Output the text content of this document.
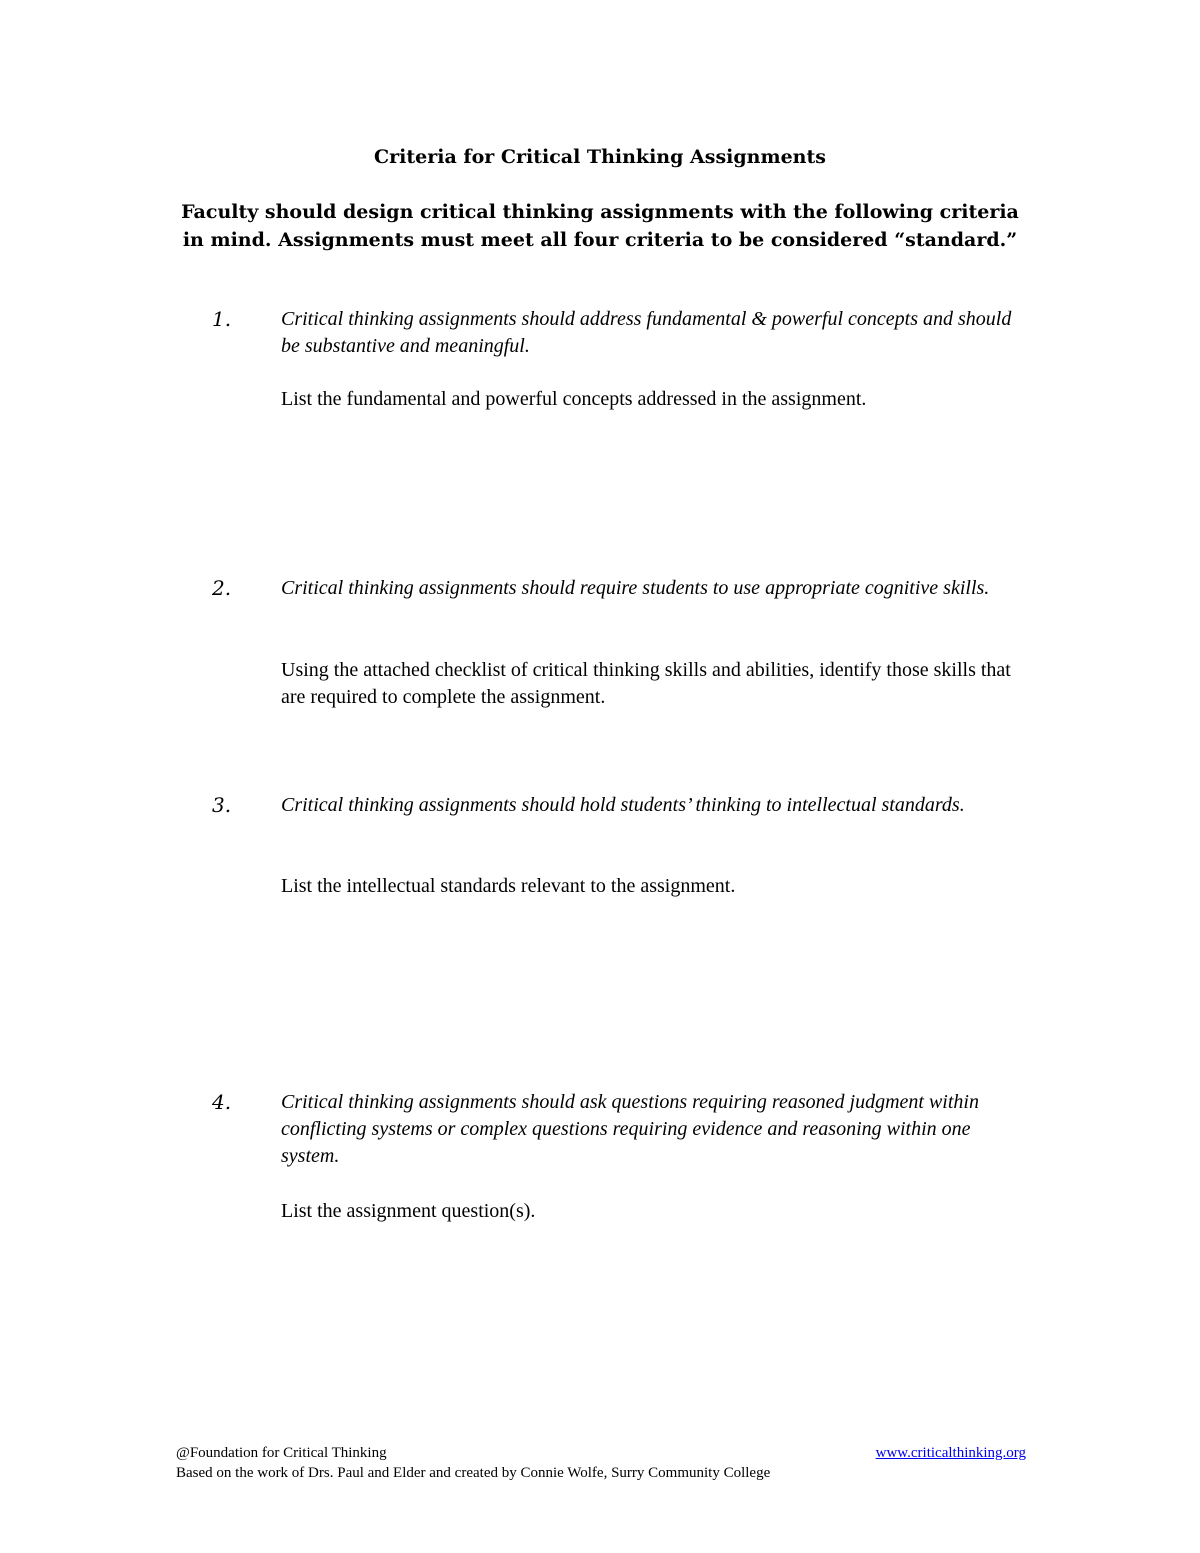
Criteria for Critical Thinking Assignments
Faculty should design critical thinking assignments with the following criteria in mind. Assignments must meet all four criteria to be considered “standard.”
1. Critical thinking assignments should address fundamental & powerful concepts and should be substantive and meaningful.
List the fundamental and powerful concepts addressed in the assignment.
2. Critical thinking assignments should require students to use appropriate cognitive skills.
Using the attached checklist of critical thinking skills and abilities, identify those skills that are required to complete the assignment.
3. Critical thinking assignments should hold students’ thinking to intellectual standards.
List the intellectual standards relevant to the assignment.
4. Critical thinking assignments should ask questions requiring reasoned judgment within conflicting systems or complex questions requiring evidence and reasoning within one system.
List the assignment question(s).
@Foundation for Critical Thinking	www.criticalthinking.org
Based on the work of Drs. Paul and Elder and created by Connie Wolfe, Surry Community College
